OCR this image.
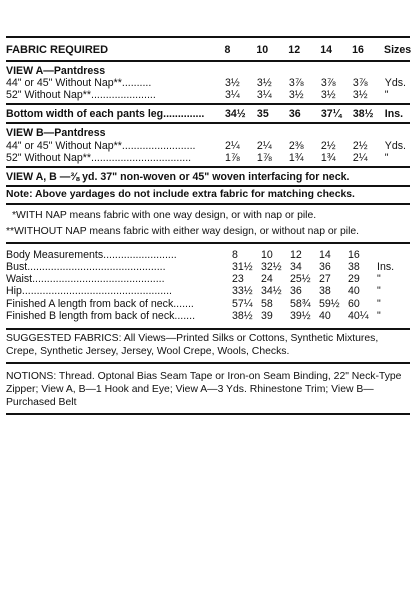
FABRIC REQUIRED	8	10	12	14	16	Sizes
VIEW A—Pantdress
44" or 45" Without Nap**..........	3½	3½	3⅞	3⅞	3⅞	Yds.
52" Without Nap**......................	3¼	3¼	3½	3½	3½	"
Bottom width of each pants leg..............	34½	35	36	37¼	38½	Ins.
VIEW B—Pantdress
44" or 45" Without Nap**.........................	2¼	2¼	2⅜	2½	2½	Yds.
52" Without Nap**..................................	1⅞	1⅞	1¾	1¾	2¼	"
VIEW A, B —⅜ yd. 37" non-woven or 45" woven interfacing for neck.
Note: Above yardages do not include extra fabric for matching checks.
*WITH NAP means fabric with one way design, or with nap or pile.
**WITHOUT NAP means fabric with either way design, or without nap or pile.
Body Measurements.........................	8	10	12	14	16
Bust...............................................	31½ 32½ 34	36	38	Ins.
Waist.............................................	23	24	25½ 27	29	"
Hip...................................................	33½ 34½ 36	38	40	"
Finished A length from back of neck.......	57¼ 58	58¾ 59½ 60	"
Finished B length from back of neck.......	38½ 39	39½ 40	40¼ "
SUGGESTED FABRICS: All Views—Printed Silks or Cottons, Synthetic Mixtures, Crepe, Synthetic Jersey, Jersey, Wool Crepe, Wools, Checks.
NOTIONS: Thread. Optonal Bias Seam Tape or Iron-on Seam Binding, 22" Neck-Type Zipper; View A, B—1 Hook and Eye; View A—3 Yds. Rhinestone Trim; View B—Purchased Belt
